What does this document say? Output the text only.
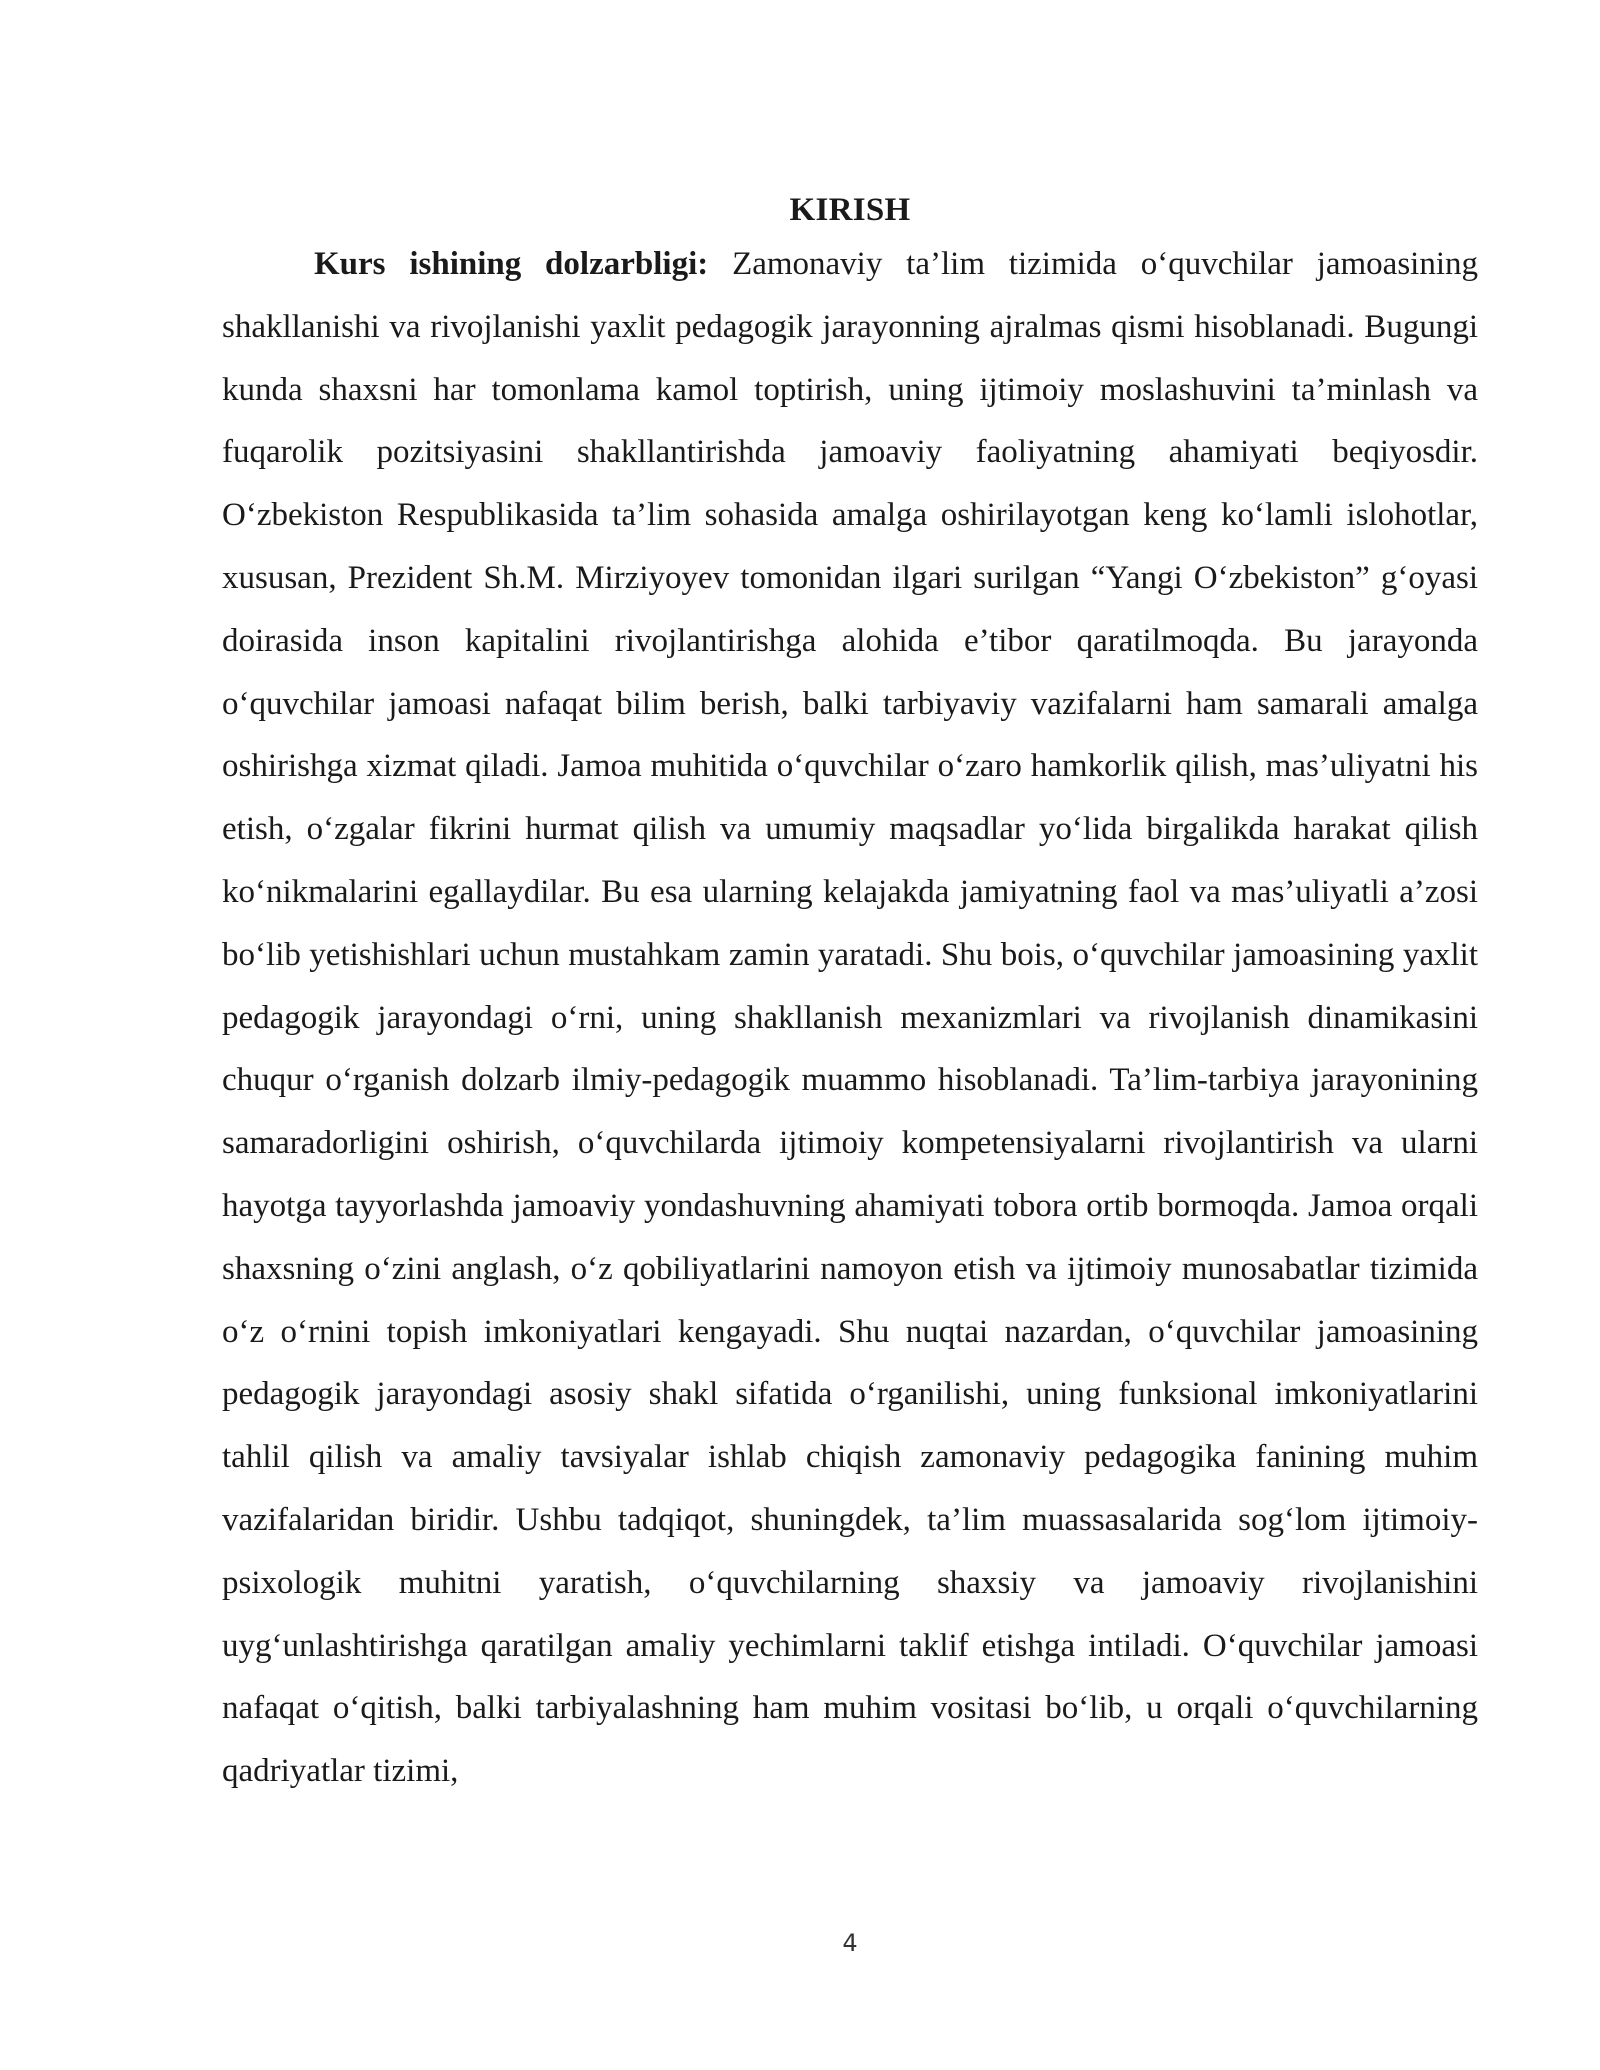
KIRISH

Kurs ishining dolzarbligi: Zamonaviy ta’lim tizimida o‘quvchilar jamoasining shakllanishi va rivojlanishi yaxlit pedagogik jarayonning ajralmas qismi hisoblanadi. Bugungi kunda shaxsni har tomonlama kamol toptirish, uning ijtimoiy moslashuvini ta’minlash va fuqarolik pozitsiyasini shakllantirishda jamoaviy faoliyatning ahamiyati beqiyosdir. O‘zbekiston Respublikasida ta’lim sohasida amalga oshirilayotgan keng ko‘lamli islohotlar, xususan, Prezident Sh.M. Mirziyoyev tomonidan ilgari surilgan “Yangi O‘zbekiston” g‘oyasi doirasida inson kapitalini rivojlantirishga alohida e’tibor qaratilmoqda. Bu jarayonda o‘quvchilar jamoasi nafaqat bilim berish, balki tarbiyaviy vazifalarni ham samarali amalga oshirishga xizmat qiladi. Jamoa muhitida o‘quvchilar o‘zaro hamkorlik qilish, mas’uliyatni his etish, o‘zgalar fikrini hurmat qilish va umumiy maqsadlar yo‘lida birgalikda harakat qilish ko‘nikmalarini egallaydilar. Bu esa ularning kelajakda jamiyatning faol va mas’uliyatli a’zosi bo‘lib yetishishlari uchun mustahkam zamin yaratadi. Shu bois, o‘quvchilar jamoasining yaxlit pedagogik jarayondagi o‘rni, uning shakllanish mexanizmlari va rivojlanish dinamikasini chuqur o‘rganish dolzarb ilmiy-pedagogik muammo hisoblanadi. Ta’lim-tarbiya jarayonining samaradorligini oshirish, o‘quvchilarda ijtimoiy kompetensiyalarni rivojlantirish va ularni hayotga tayyorlashda jamoaviy yondashuvning ahamiyati tobora ortib bormoqda. Jamoa orqali shaxsning o‘zini anglash, o‘z qobiliyatlarini namoyon etish va ijtimoiy munosabatlar tizimida o‘z o‘rnini topish imkoniyatlari kengayadi. Shu nuqtai nazardan, o‘quvchilar jamoasining pedagogik jarayondagi asosiy shakl sifatida o‘rganilishi, uning funksional imkoniyatlarini tahlil qilish va amaliy tavsiyalar ishlab chiqish zamonaviy pedagogika fanining muhim vazifalaridan biridir. Ushbu tadqiqot, shuningdek, ta’lim muassasalarida sog‘lom ijtimoiy-psixologik muhitni yaratish, o‘quvchilarning shaxsiy va jamoaviy rivojlanishini uyg‘unlashtirishga qaratilgan amaliy yechimlarni taklif etishga intiladi. O‘quvchilar jamoasi nafaqat o‘qitish, balki tarbiyalashning ham muhim vositasi bo‘lib, u orqali o‘quvchilarning qadriyatlar tizimi,

4
